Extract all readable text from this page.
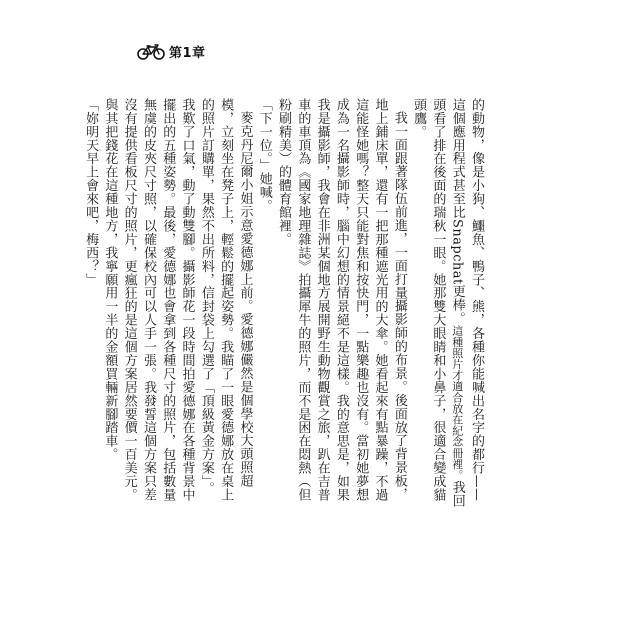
第1章

的動物，像是小狗、鱷魚、鴨子、熊，各種你能喊出名字的都行——這個應用程式甚至比Snapchat更棒。這種照片才適合放在紀念冊裡。我回頭看了排在後面的瑞秋一眼。她那雙大眼睛和小鼻子，很適合變成貓頭鷹。

我一面跟著隊伍前進，一面打量攝影師的布景。後面放了背景板，地上鋪床單，還有一把那種遮光用的大傘。她看起來有點暴躁，不過這能怪她嗎？整天只能對焦和按快門，一點樂趣也沒有。當初她夢想成為一名攝影師時，腦中幻想的情景絕不是這樣。我的意思是，如果我是攝影師，我會在非洲某個地方展開野生動物觀賞之旅，趴在吉普車的車頂為《國家地理雜誌》拍攝犀牛的照片，而不是困在悶熱（但粉刷精美）的體育館裡。

「下一位。」她喊。

麥克丹尼爾小姐示意愛德娜上前。愛德娜儼然是個學校大頭照超模，立刻坐在凳子上，輕鬆的擺起姿勢。我瞄了一眼愛德娜放在桌上的照片訂購單，果然不出所料，信封袋上勾選了「頂級黃金方案」。我歎了口氣，動了動雙腳。攝影師花一段時間拍愛德娜在各種背景中擺出的五種姿勢。最後，愛德娜也會拿到各種尺寸的照片，包括數量無虞的皮夾尺寸照，以確保校內可以人手一張。我發誓這個方案只差沒有提供看板尺寸的照片，更瘋狂的是這個方案居然要價一百美元。與其把錢花在這種地方，我寧願用一半的金額買輛新腳踏車。

「妳明天早上會來吧，梅西？」
